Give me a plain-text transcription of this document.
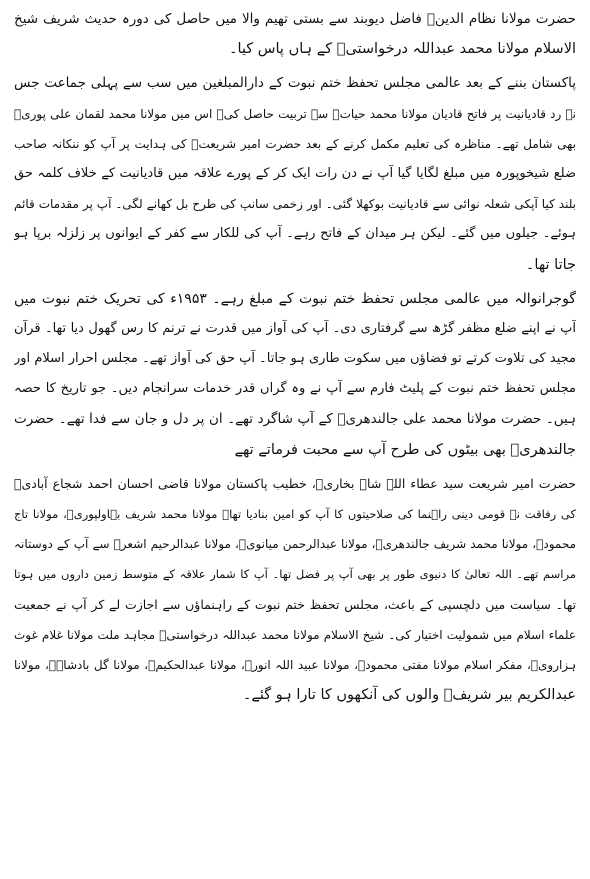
حضرت مولانا نظام الدینؒ فاضل دیوبند سے بستی تھیم والا میں حاصل کی دورہ حدیث شریف شیخ
الاسلام مولانا محمد عبداللہ درخواستیؒ کے ہاں پاس کیا۔
پاکستان بننے کے بعد عالمی مجلس تحفظ ختم نبوت کے دارالمبلغین میں سب سے پہلی جماعت جس
نے رد قادیانیت پر فاتح قادیان مولانا محمد حیاتؒ سے تربیت حاصل کی۔ اس میں مولانا محمد لقمان علی پوریؒ
بھی شامل تھے۔ مناظرہ کی تعلیم مکمل کرنے کے بعد حضرت امیر شریعتؒ کی ہدایت پر آپ کو ننکانہ صاحب
ضلع شیخوپورہ میں مبلغ لگایا گیا آپ نے دن رات ایک کر کے پورے علاقہ میں قادیانیت کے خلاف کلمہ حق
بلند کیا آپکی شعلہ نوائی سے قادیانیت بوکھلا گئی۔ اور زخمی سانپ کی طرح بل کھانے لگی۔ آپ پر مقدمات قائم
ہوئے۔ جیلوں میں گئے۔ لیکن ہر میدان کے فاتح رہے۔ آپ کی للکار سے کفر کے ایوانوں پر زلزلہ برپا ہو
جاتا تھا۔
گوجرانوالہ میں عالمی مجلس تحفظ ختم نبوت کے مبلغ رہے۔ ۱۹۵۳ء کی تحریک ختم نبوت میں
آپ نے اپنے ضلع مظفر گڑھ سے گرفتاری دی۔ آپ کی آواز میں قدرت نے ترنم کا رس گھول دیا تھا۔ قرآن
مجید کی تلاوت کرتے تو فضاؤں میں سکوت طاری ہو جاتا۔ آپ حق کی آواز تھے۔ مجلس احرار اسلام اور
مجلس تحفظ ختم نبوت کے پلیٹ فارم سے آپ نے وہ گراں قدر خدمات سرانجام دیں۔ جو تاریخ کا حصہ
ہیں۔ حضرت مولانا محمد علی جالندھریؒ کے آپ شاگرد تھے۔ ان پر دل و جان سے فدا تھے۔ حضرت
جالندھریؒ بھی بیٹوں کی طرح آپ سے محبت فرماتے تھے
حضرت امیر شریعت سید عطاء اللہ شاہ بخاریؒ، خطیب پاکستان مولانا قاضی احسان احمد شجاع آبادیؒ
کی رفاقت نے قومی دینی راہنما کی صلاحیتوں کا آپ کو امین بنادیا تھا۔ مولانا محمد شریف بہاولپوریؒ، مولانا تاج
محمودؒ، مولانا محمد شریف جالندھریؒ، مولانا عبدالرحمن میانویؒ، مولانا عبدالرحیم اشعرؒ سے آپ کے دوستانہ
مراسم تھے۔ اللہ تعالیٰ کا دنیوی طور پر بھی آپ پر فضل تھا۔ آپ کا شمار علاقہ کے متوسط زمین داروں میں ہوتا
تھا۔ سیاست میں دلچسپی کے باعث، مجلس تحفظ ختم نبوت کے راہنماؤں سے اجازت لے کر آپ نے جمعیت
علماء اسلام میں شمولیت اختیار کی۔ شیخ الاسلام مولانا محمد عبداللہ درخواستیؒ مجاہد ملت مولانا غلام غوث
ہزارویؒ، مفکر اسلام مولانا مفتی محمودؒ، مولانا عبید اللہ انورؒ، مولانا عبدالحکیمؒ، مولانا گل بادشاہؒ، مولانا
عبدالکریم بیر شریفؒ والوں کی آنکھوں کا تارا ہو گئے۔
